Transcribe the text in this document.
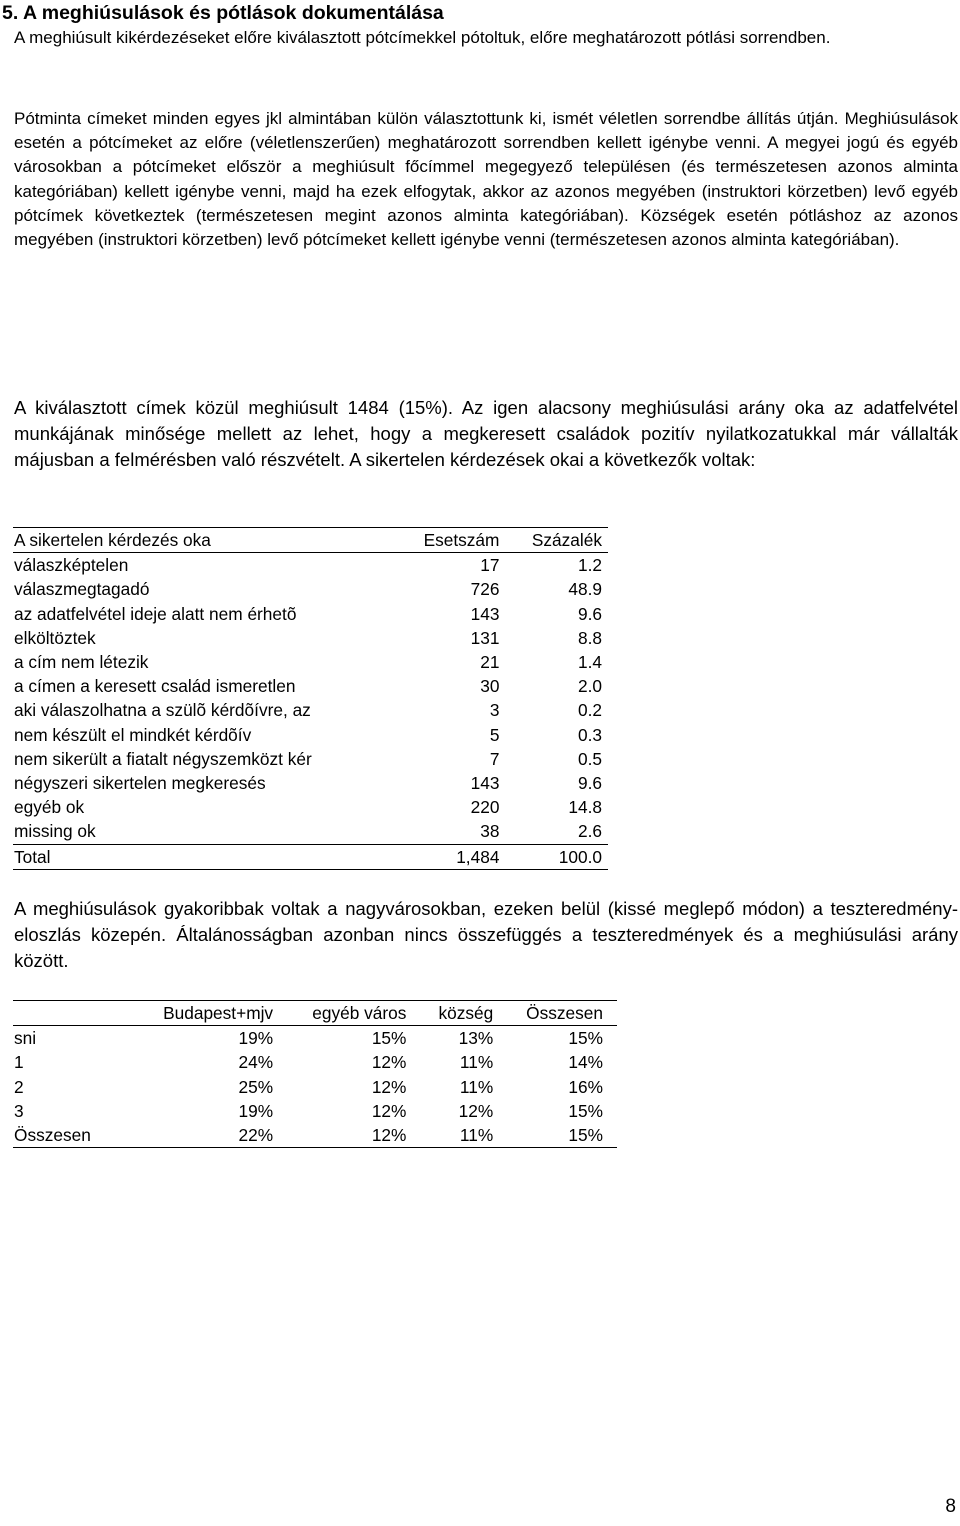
5. A meghiúsulások és pótlások dokumentálása

A meghiúsult kikérdezéseket előre kiválasztott pótcímekkel pótoltuk, előre meghatározott pótlási sorrendben.

Pótminta címeket minden egyes jkl almintában külön választottunk ki, ismét véletlen sorrendbe állítás útján. Meghiúsulások esetén a pótcímeket az előre (véletlenszerűen) meghatározott sorrendben kellett igénybe venni. A megyei jogú és egyéb városokban a pótcímeket először a meghiúsult főcímmel megegyező településen (és természetesen azonos alminta kategóriában) kellett igénybe venni, majd ha ezek elfogytak, akkor az azonos megyében (instruktori körzetben) levő egyéb pótcímek következtek (természetesen megint azonos alminta kategóriában). Községek esetén pótláshoz az azonos megyében (instruktori körzetben) levő pótcímeket kellett igénybe venni (természetesen azonos alminta kategóriában).

A kiválasztott címek közül meghiúsult 1484 (15%). Az igen alacsony meghiúsulási arány oka az adatfelvétel munkájának minősége mellett az lehet, hogy a megkeresett családok pozitív nyilatkozatukkal már vállalták májusban a felmérésben való részvételt. A sikertelen kérdezések okai a következők voltak:

A sikertelen kérdezés oka	Esetszám	Százalék
válaszképtelen	17	1.2
válaszmegtagadó	726	48.9
az adatfelvétel ideje alatt nem érhetõ	143	9.6
elköltöztek	131	8.8
a cím nem létezik	21	1.4
a címen a keresett család ismeretlen	30	2.0
aki válaszolhatna a szülõ kérdõívre, az	3	0.2
nem készült el mindkét kérdõív	5	0.3
nem sikerült a fiatalt négyszemközt kér	7	0.5
négyszeri sikertelen megkeresés	143	9.6
egyéb ok	220	14.8
missing ok	38	2.6
Total	1,484	100.0

A meghiúsulások gyakoribbak voltak a nagyvárosokban, ezeken belül (kissé meglepő módon) a teszteredmény-eloszlás közepén. Általánosságban azonban nincs összefüggés a teszteredmények és a meghiúsulási arány között.

	Budapest+mjv	egyéb város	község	Összesen
sni	19%	15%	13%	15%
1	24%	12%	11%	14%
2	25%	12%	11%	16%
3	19%	12%	12%	15%
Összesen	22%	12%	11%	15%
8
